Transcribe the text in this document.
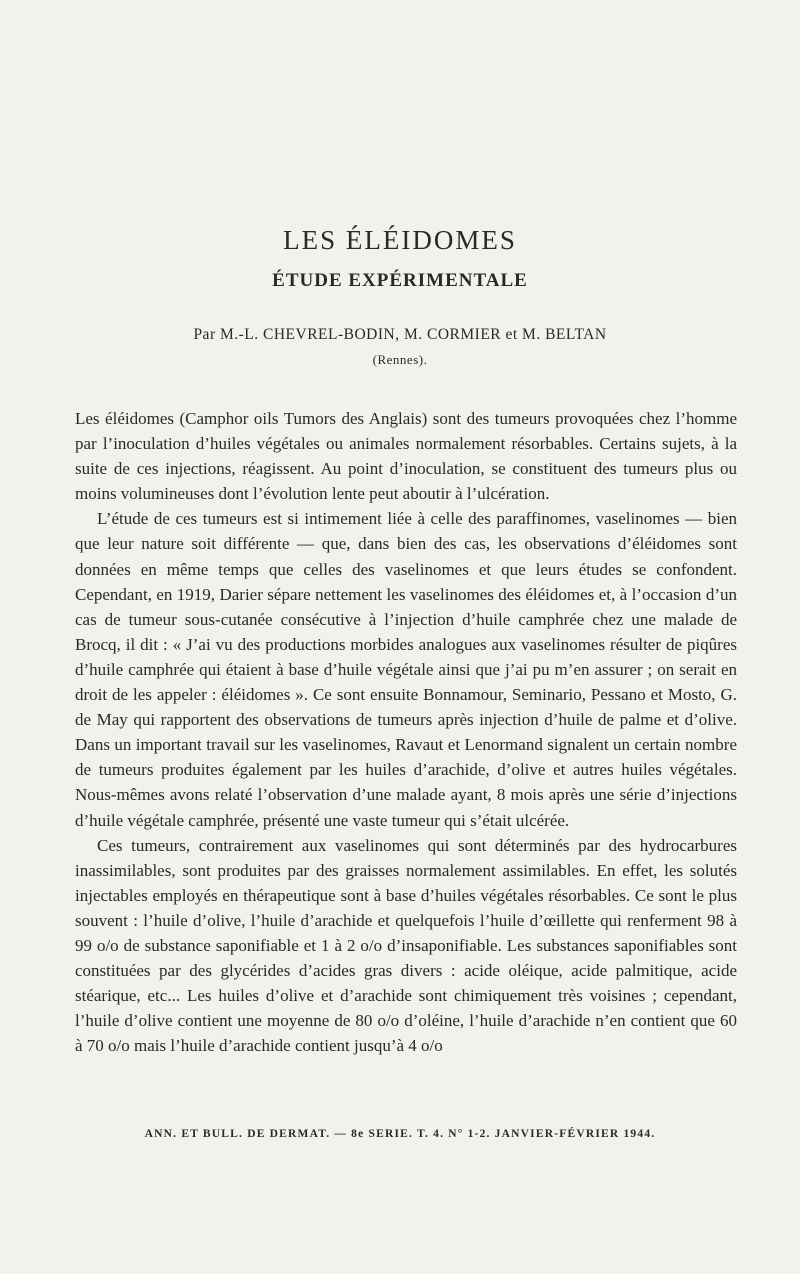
LES ÉLÉIDOMES
ÉTUDE EXPÉRIMENTALE
Par M.-L. CHEVREL-BODIN, M. CORMIER et M. BELTAN
(Rennes).

Les éléidomes (Camphor oils Tumors des Anglais) sont des tumeurs provoquées chez l’homme par l’inoculation d’huiles végétales ou animales normalement résorbables. Certains sujets, à la suite de ces injections, réagissent. Au point d’inoculation, se constituent des tumeurs plus ou moins volumineuses dont l’évolution lente peut aboutir à l’ulcération.

L’étude de ces tumeurs est si intimement liée à celle des paraffinomes, vaselinomes — bien que leur nature soit différente — que, dans bien des cas, les observations d’éléidomes sont données en même temps que celles des vaselinomes et que leurs études se confondent. Cependant, en 1919, Darier sépare nettement les vaselinomes des éléidomes et, à l’occasion d’un cas de tumeur sous-cutanée consécutive à l’injection d’huile camphrée chez une malade de Brocq, il dit : « J’ai vu des productions morbides analogues aux vaselinomes résulter de piqûres d’huile camphrée qui étaient à base d’huile végétale ainsi que j’ai pu m’en assurer ; on serait en droit de les appeler : éléidomes ». Ce sont ensuite Bonnamour, Seminario, Pessano et Mosto, G. de May qui rapportent des observations de tumeurs après injection d’huile de palme et d’olive. Dans un important travail sur les vaselinomes, Ravaut et Lenormand signalent un certain nombre de tumeurs produites également par les huiles d’arachide, d’olive et autres huiles végétales. Nous-mêmes avons relaté l’observation d’une malade ayant, 8 mois après une série d’injections d’huile végétale camphrée, présenté une vaste tumeur qui s’était ulcérée.

Ces tumeurs, contrairement aux vaselinomes qui sont déterminés par des hydrocarbures inassimilables, sont produites par des graisses normalement assimilables. En effet, les solutés injectables employés en thérapeutique sont à base d’huiles végétales résorbables. Ce sont le plus souvent : l’huile d’olive, l’huile d’arachide et quelquefois l’huile d’œillette qui renferment 98 à 99 o/o de substance saponifiable et 1 à 2 o/o d’insaponifiable. Les substances saponifiables sont constituées par des glycérides d’acides gras divers : acide oléique, acide palmitique, acide stéarique, etc... Les huiles d’olive et d’arachide sont chimiquement très voisines ; cependant, l’huile d’olive contient une moyenne de 80 o/o d’oléine, l’huile d’arachide n’en contient que 60 à 70 o/o mais l’huile d’arachide contient jusqu’à 4 o/o

ANN. ET BULL. DE DERMAT. — 8e SERIE. T. 4. N° 1-2. JANVIER-FÉVRIER 1944.
